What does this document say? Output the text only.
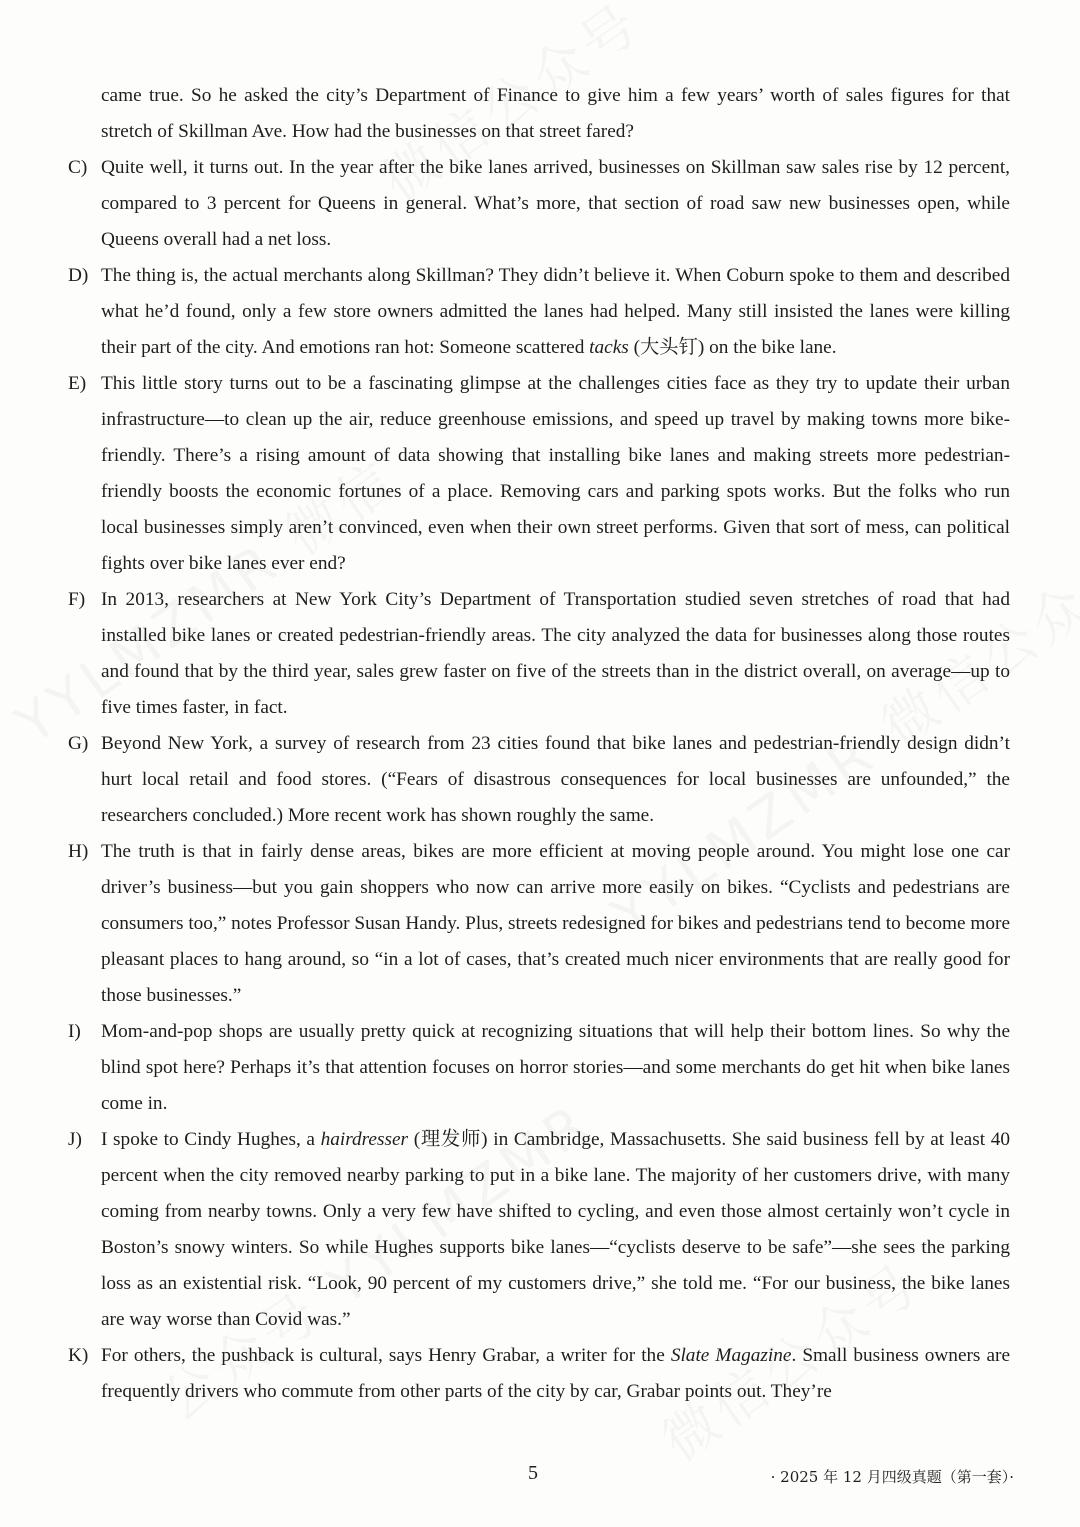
came true. So he asked the city’s Department of Finance to give him a few years’ worth of sales figures for that stretch of Skillman Ave. How had the businesses on that street fared?

C) Quite well, it turns out. In the year after the bike lanes arrived, businesses on Skillman saw sales rise by 12 percent, compared to 3 percent for Queens in general. What’s more, that section of road saw new businesses open, while Queens overall had a net loss.

D) The thing is, the actual merchants along Skillman? They didn’t believe it. When Coburn spoke to them and described what he’d found, only a few store owners admitted the lanes had helped. Many still insisted the lanes were killing their part of the city. And emotions ran hot: Someone scattered tacks (大头钉) on the bike lane.

E) This little story turns out to be a fascinating glimpse at the challenges cities face as they try to update their urban infrastructure—to clean up the air, reduce greenhouse emissions, and speed up travel by making towns more bike-friendly. There’s a rising amount of data showing that installing bike lanes and making streets more pedestrian-friendly boosts the economic fortunes of a place. Removing cars and parking spots works. But the folks who run local businesses simply aren’t convinced, even when their own street performs. Given that sort of mess, can political fights over bike lanes ever end?

F) In 2013, researchers at New York City’s Department of Transportation studied seven stretches of road that had installed bike lanes or created pedestrian-friendly areas. The city analyzed the data for businesses along those routes and found that by the third year, sales grew faster on five of the streets than in the district overall, on average—up to five times faster, in fact.

G) Beyond New York, a survey of research from 23 cities found that bike lanes and pedestrian-friendly design didn’t hurt local retail and food stores. (“Fears of disastrous consequences for local businesses are unfounded,” the researchers concluded.) More recent work has shown roughly the same.

H) The truth is that in fairly dense areas, bikes are more efficient at moving people around. You might lose one car driver’s business—but you gain shoppers who now can arrive more easily on bikes. “Cyclists and pedestrians are consumers too,” notes Professor Susan Handy. Plus, streets redesigned for bikes and pedestrians tend to become more pleasant places to hang around, so “in a lot of cases, that’s created much nicer environments that are really good for those businesses.”

I) Mom-and-pop shops are usually pretty quick at recognizing situations that will help their bottom lines. So why the blind spot here? Perhaps it’s that attention focuses on horror stories—and some merchants do get hit when bike lanes come in.

J) I spoke to Cindy Hughes, a hairdresser (理发师) in Cambridge, Massachusetts. She said business fell by at least 40 percent when the city removed nearby parking to put in a bike lane. The majority of her customers drive, with many coming from nearby towns. Only a very few have shifted to cycling, and even those almost certainly won’t cycle in Boston’s snowy winters. So while Hughes supports bike lanes—“cyclists deserve to be safe”—she sees the parking loss as an existential risk. “Look, 90 percent of my customers drive,” she told me. “For our business, the bike lanes are way worse than Covid was.”

K) For others, the pushback is cultural, says Henry Grabar, a writer for the Slate Magazine. Small business owners are frequently drivers who commute from other parts of the city by car, Grabar points out. They’re

5	· 2025 年 12 月四级真题（第一套）·
